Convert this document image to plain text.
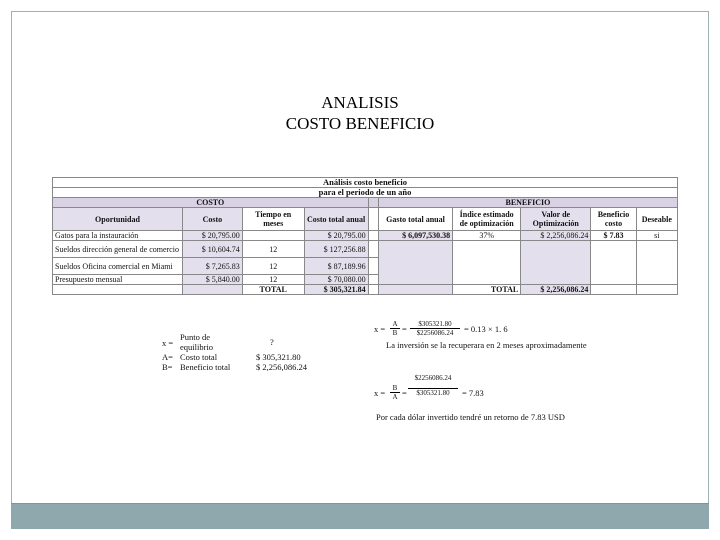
ANALISIS
COSTO BENEFICIO
Análisis costo beneficio									
para el periodo de un año									
COSTO					BENEFICIO				
Oportunidad	Costo	Tiempo en meses	Costo total anual		Gasto total anual	Índice estimado de optimización	Valor de Optimización	Beneficio costo	Deseable
Gatos para la instauración	$ 20,795.00		$ 20,795.00		$ 6,097,530.38	37%	$ 2,256,086.24	$ 7.83	si
Sueldos dirección general de comercio	$ 10,604.74	12	$ 127,256.88						
Sueldos Oficina comercial en Miami	$ 7,265.83	12	$ 87,189.96						
Presupuesto mensual	$ 5,840.00	12	$ 70,080.00						
		TOTAL	$ 305,321.84			TOTAL	$ 2,256,086.24		
x =
Punto de
equilibrio	?
A= Costo total	$ 305,321.80
B= Beneficio total	$ 2,256,086.24
$x = \frac{A}{B} = \frac{\$305321.80}{\$2256086.24} = 0.13 \times 1$. 6
La inversión se la recuperara en 2 meses aproximadamente
$x = \frac{B}{A} = \frac{\$2256086.24}{\$305321.80} = 7.83$
Por cada dólar invertido tendré un retorno de 7.83 USD
